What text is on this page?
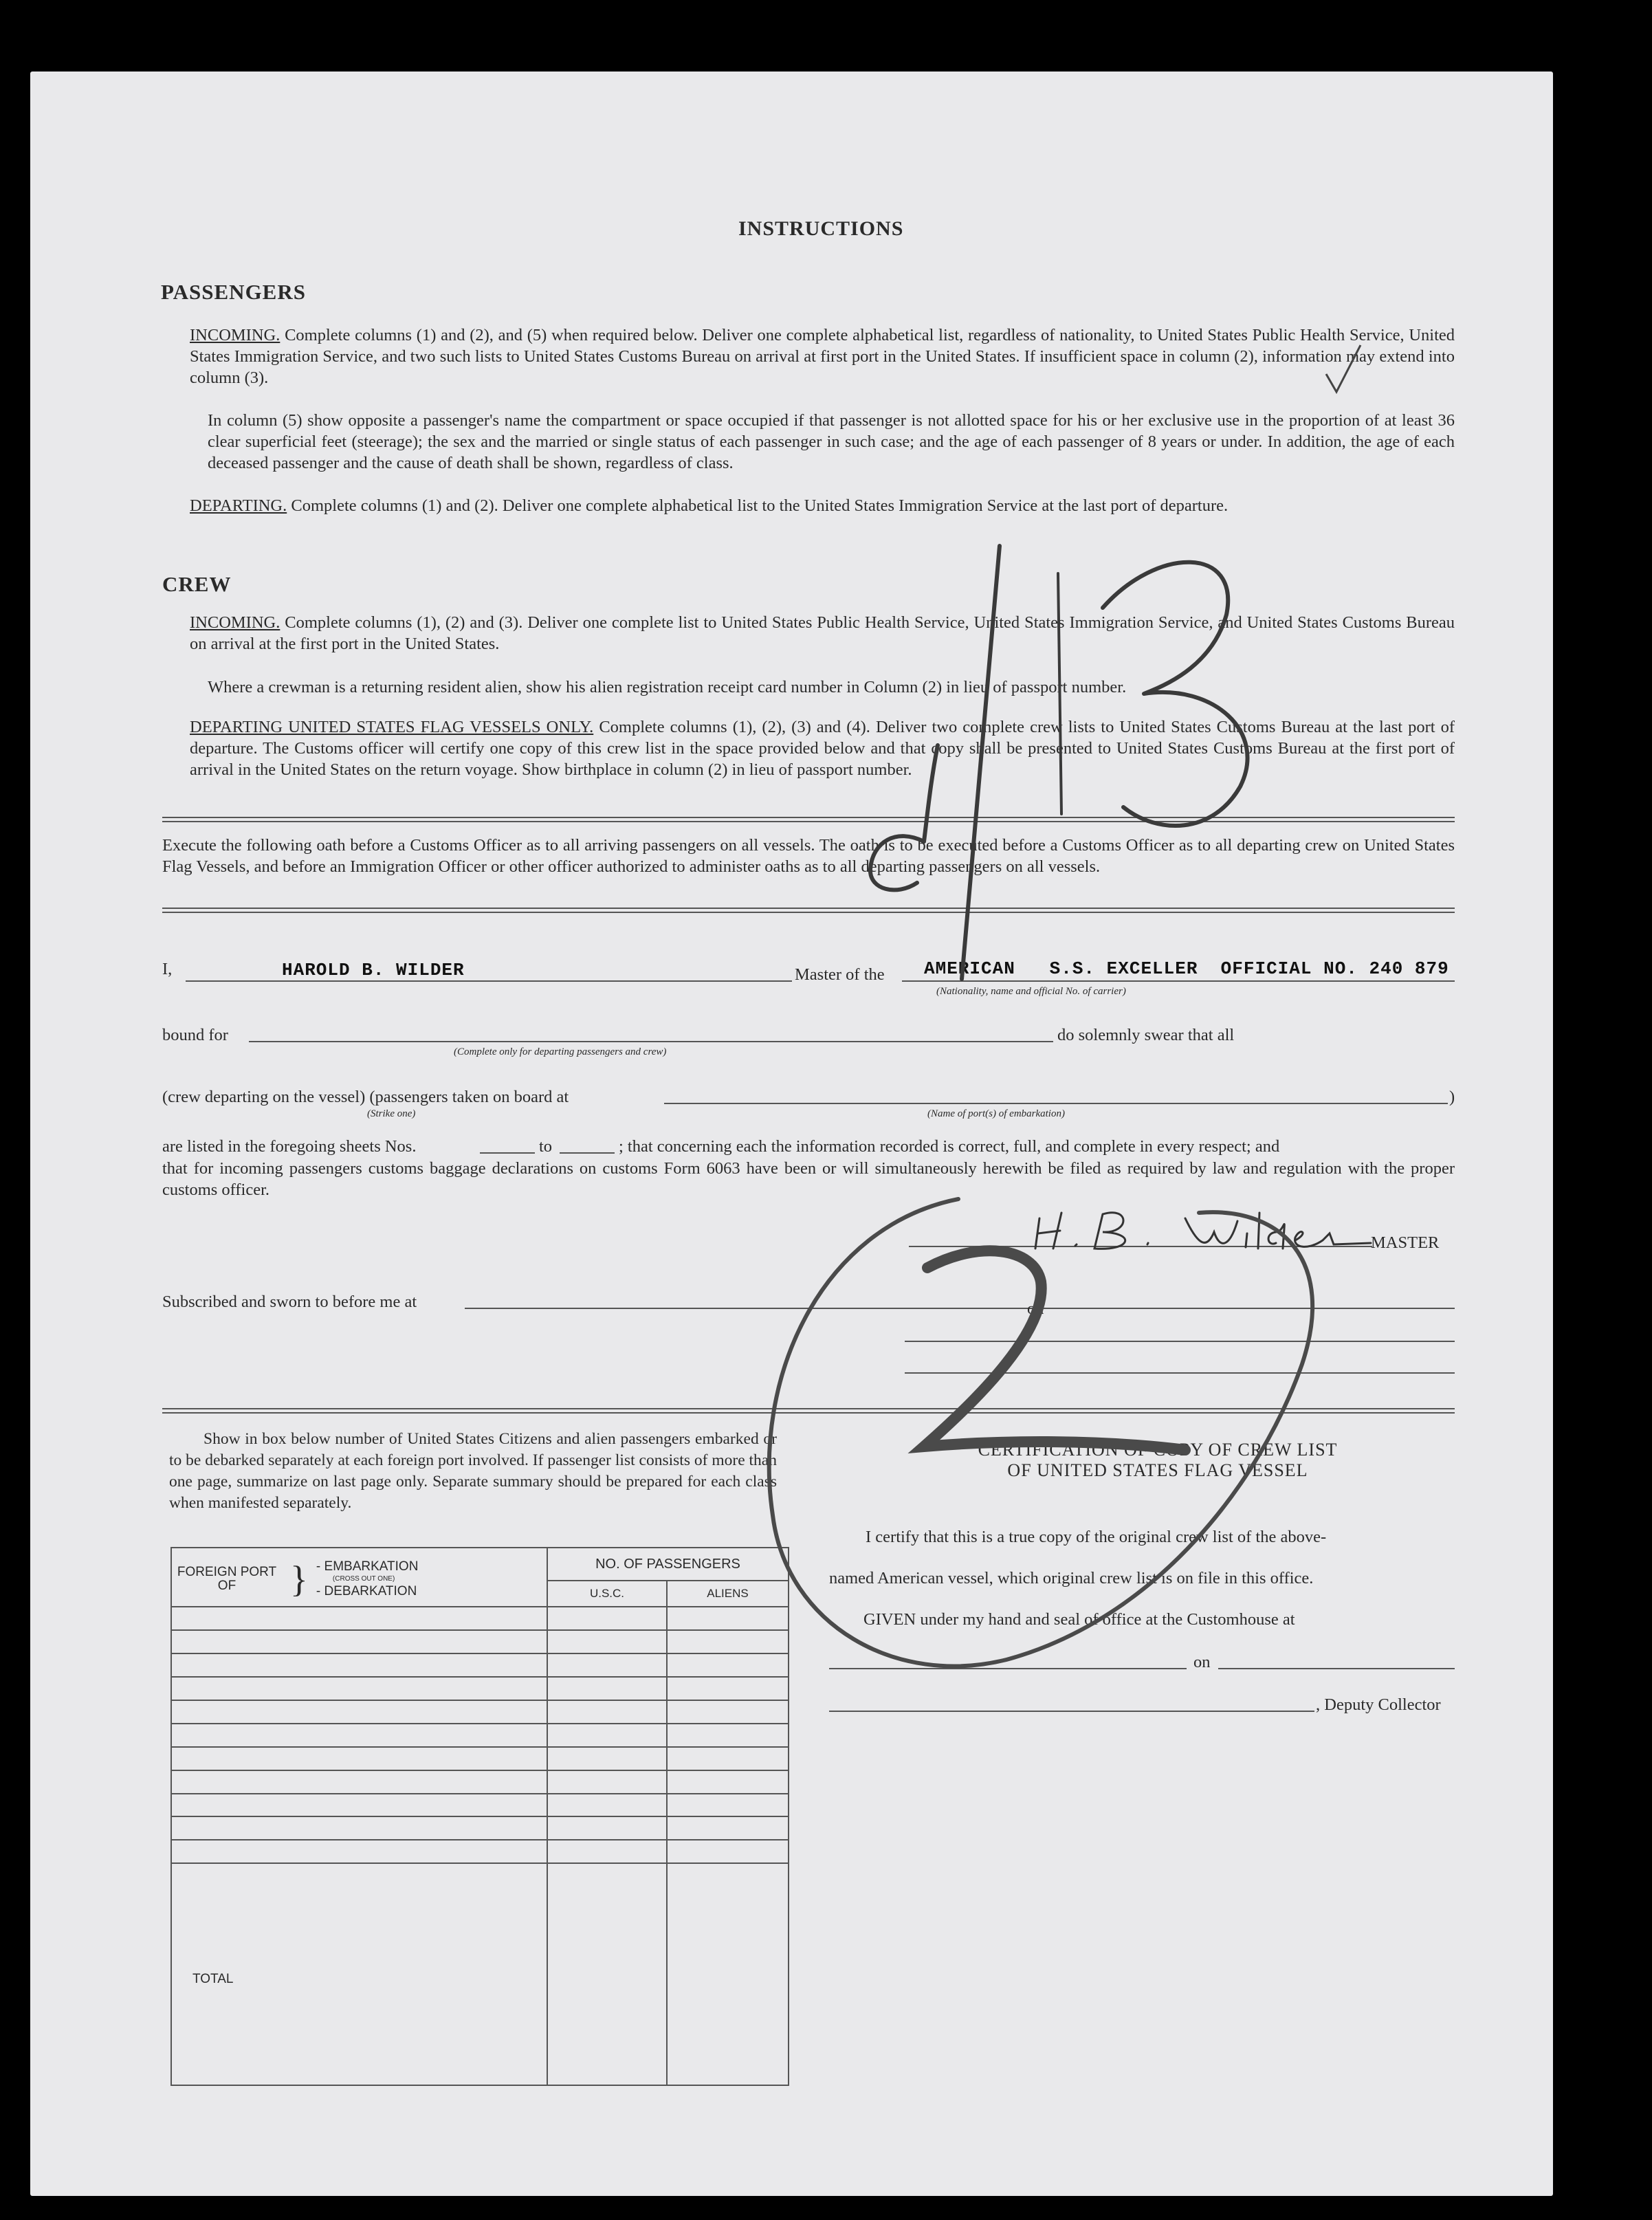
INSTRUCTIONS
PASSENGERS
INCOMING. Complete columns (1) and (2), and (5) when required below. Deliver one complete alphabetical list, regardless of nationality, to United States Public Health Service, United States Immigration Service, and two such lists to United States Customs Bureau on arrival at first port in the United States. If insufficient space in column (2), information may extend into column (3).
In column (5) show opposite a passenger's name the compartment or space occupied if that passenger is not allotted space for his or her exclusive use in the proportion of at least 36 clear superficial feet (steerage); the sex and the married or single status of each passenger in such case; and the age of each passenger of 8 years or under. In addition, the age of each deceased passenger and the cause of death shall be shown, regardless of class.
DEPARTING. Complete columns (1) and (2). Deliver one complete alphabetical list to the United States Immigration Service at the last port of departure.
CREW
INCOMING. Complete columns (1), (2) and (3). Deliver one complete list to United States Public Health Service, United States Immigration Service, and United States Customs Bureau on arrival at the first port in the United States.
Where a crewman is a returning resident alien, show his alien registration receipt card number in Column (2) in lieu of passport number.
DEPARTING UNITED STATES FLAG VESSELS ONLY. Complete columns (1), (2), (3) and (4). Deliver two complete crew lists to United States Customs Bureau at the last port of departure. The Customs officer will certify one copy of this crew list in the space provided below and that copy shall be presented to United States Customs Bureau at the first port of arrival in the United States on the return voyage. Show birthplace in column (2) in lieu of passport number.
Execute the following oath before a Customs Officer as to all arriving passengers on all vessels. The oath is to be executed before a Customs Officer as to all departing crew on United States Flag Vessels, and before an Immigration Officer or other officer authorized to administer oaths as to all departing passengers on all vessels.
I,	HAROLD B. WILDER	Master of the AMERICAN   S.S. EXCELLER  OFFICIAL NO. 240 879
(Nationality, name and official No. of carrier)
bound for
(Complete only for departing passengers and crew)
do solemnly swear that all
(crew departing on the vessel) (passengers taken on board at	)
(Strike one)	(Name of port(s) of embarkation)
are listed in the foregoing sheets Nos.	to	; that concerning each the information recorded is correct, full, and complete in every respect; and
that for incoming passengers customs baggage declarations on customs Form 6063 have been or will simultaneously herewith be filed as required by law and regulation with the proper customs officer.
MASTER
Subscribed and sworn to before me at	on
Show in box below number of United States Citizens and alien passengers embarked or to be debarked separately at each foreign port involved. If passenger list consists of more than one page, summarize on last page only. Separate summary should be prepared for each class when manifested separately.
FOREIGN PORT OF } - EMBARKATION
(CROSS OUT ONE)
- DEBARKATION	NO. OF PASSENGERS	
	U.S.C.	ALIENS

TOTAL		
CERTIFICATION OF COPY OF CREW LIST
OF UNITED STATES FLAG VESSEL
I certify that this is a true copy of the original crew list of the above-
named American vessel, which original crew list is on file in this office.
GIVEN under my hand and seal of office at the Customhouse at
on
, Deputy Collector
